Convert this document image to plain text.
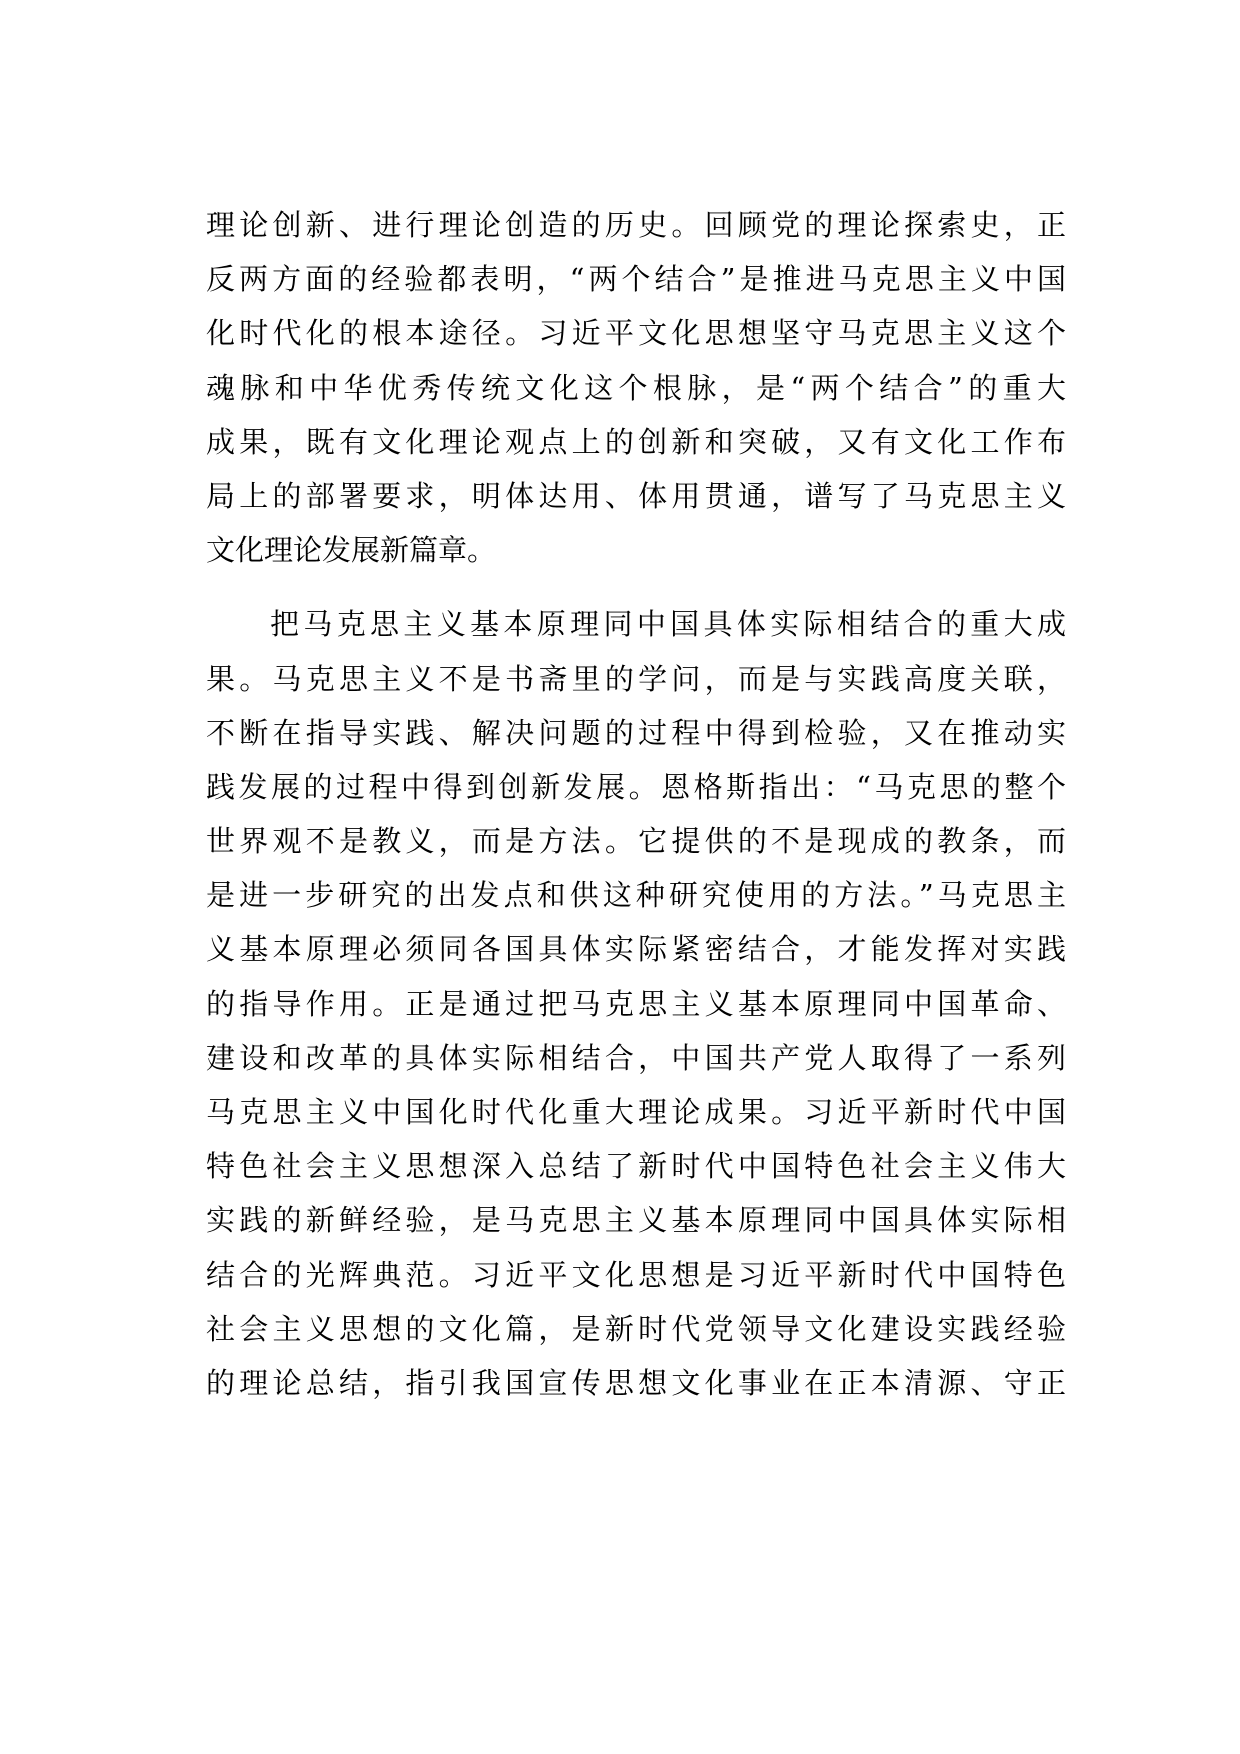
理论创新、进行理论创造的历史。回顾党的理论探索史，正
反两方面的经验都表明，“两个结合”是推进马克思主义中国
化时代化的根本途径。习近平文化思想坚守马克思主义这个
魂脉和中华优秀传统文化这个根脉，是“两个结合”的重大
成果，既有文化理论观点上的创新和突破，又有文化工作布
局上的部署要求，明体达用、体用贯通，谱写了马克思主义
文化理论发展新篇章。
把马克思主义基本原理同中国具体实际相结合的重大成
果。马克思主义不是书斋里的学问，而是与实践高度关联，
不断在指导实践、解决问题的过程中得到检验，又在推动实
践发展的过程中得到创新发展。恩格斯指出：“马克思的整个
世界观不是教义，而是方法。它提供的不是现成的教条，而
是进一步研究的出发点和供这种研究使用的方法。”马克思主
义基本原理必须同各国具体实际紧密结合，才能发挥对实践
的指导作用。正是通过把马克思主义基本原理同中国革命、
建设和改革的具体实际相结合，中国共产党人取得了一系列
马克思主义中国化时代化重大理论成果。习近平新时代中国
特色社会主义思想深入总结了新时代中国特色社会主义伟大
实践的新鲜经验，是马克思主义基本原理同中国具体实际相
结合的光辉典范。习近平文化思想是习近平新时代中国特色
社会主义思想的文化篇，是新时代党领导文化建设实践经验
的理论总结，指引我国宣传思想文化事业在正本清源、守正
